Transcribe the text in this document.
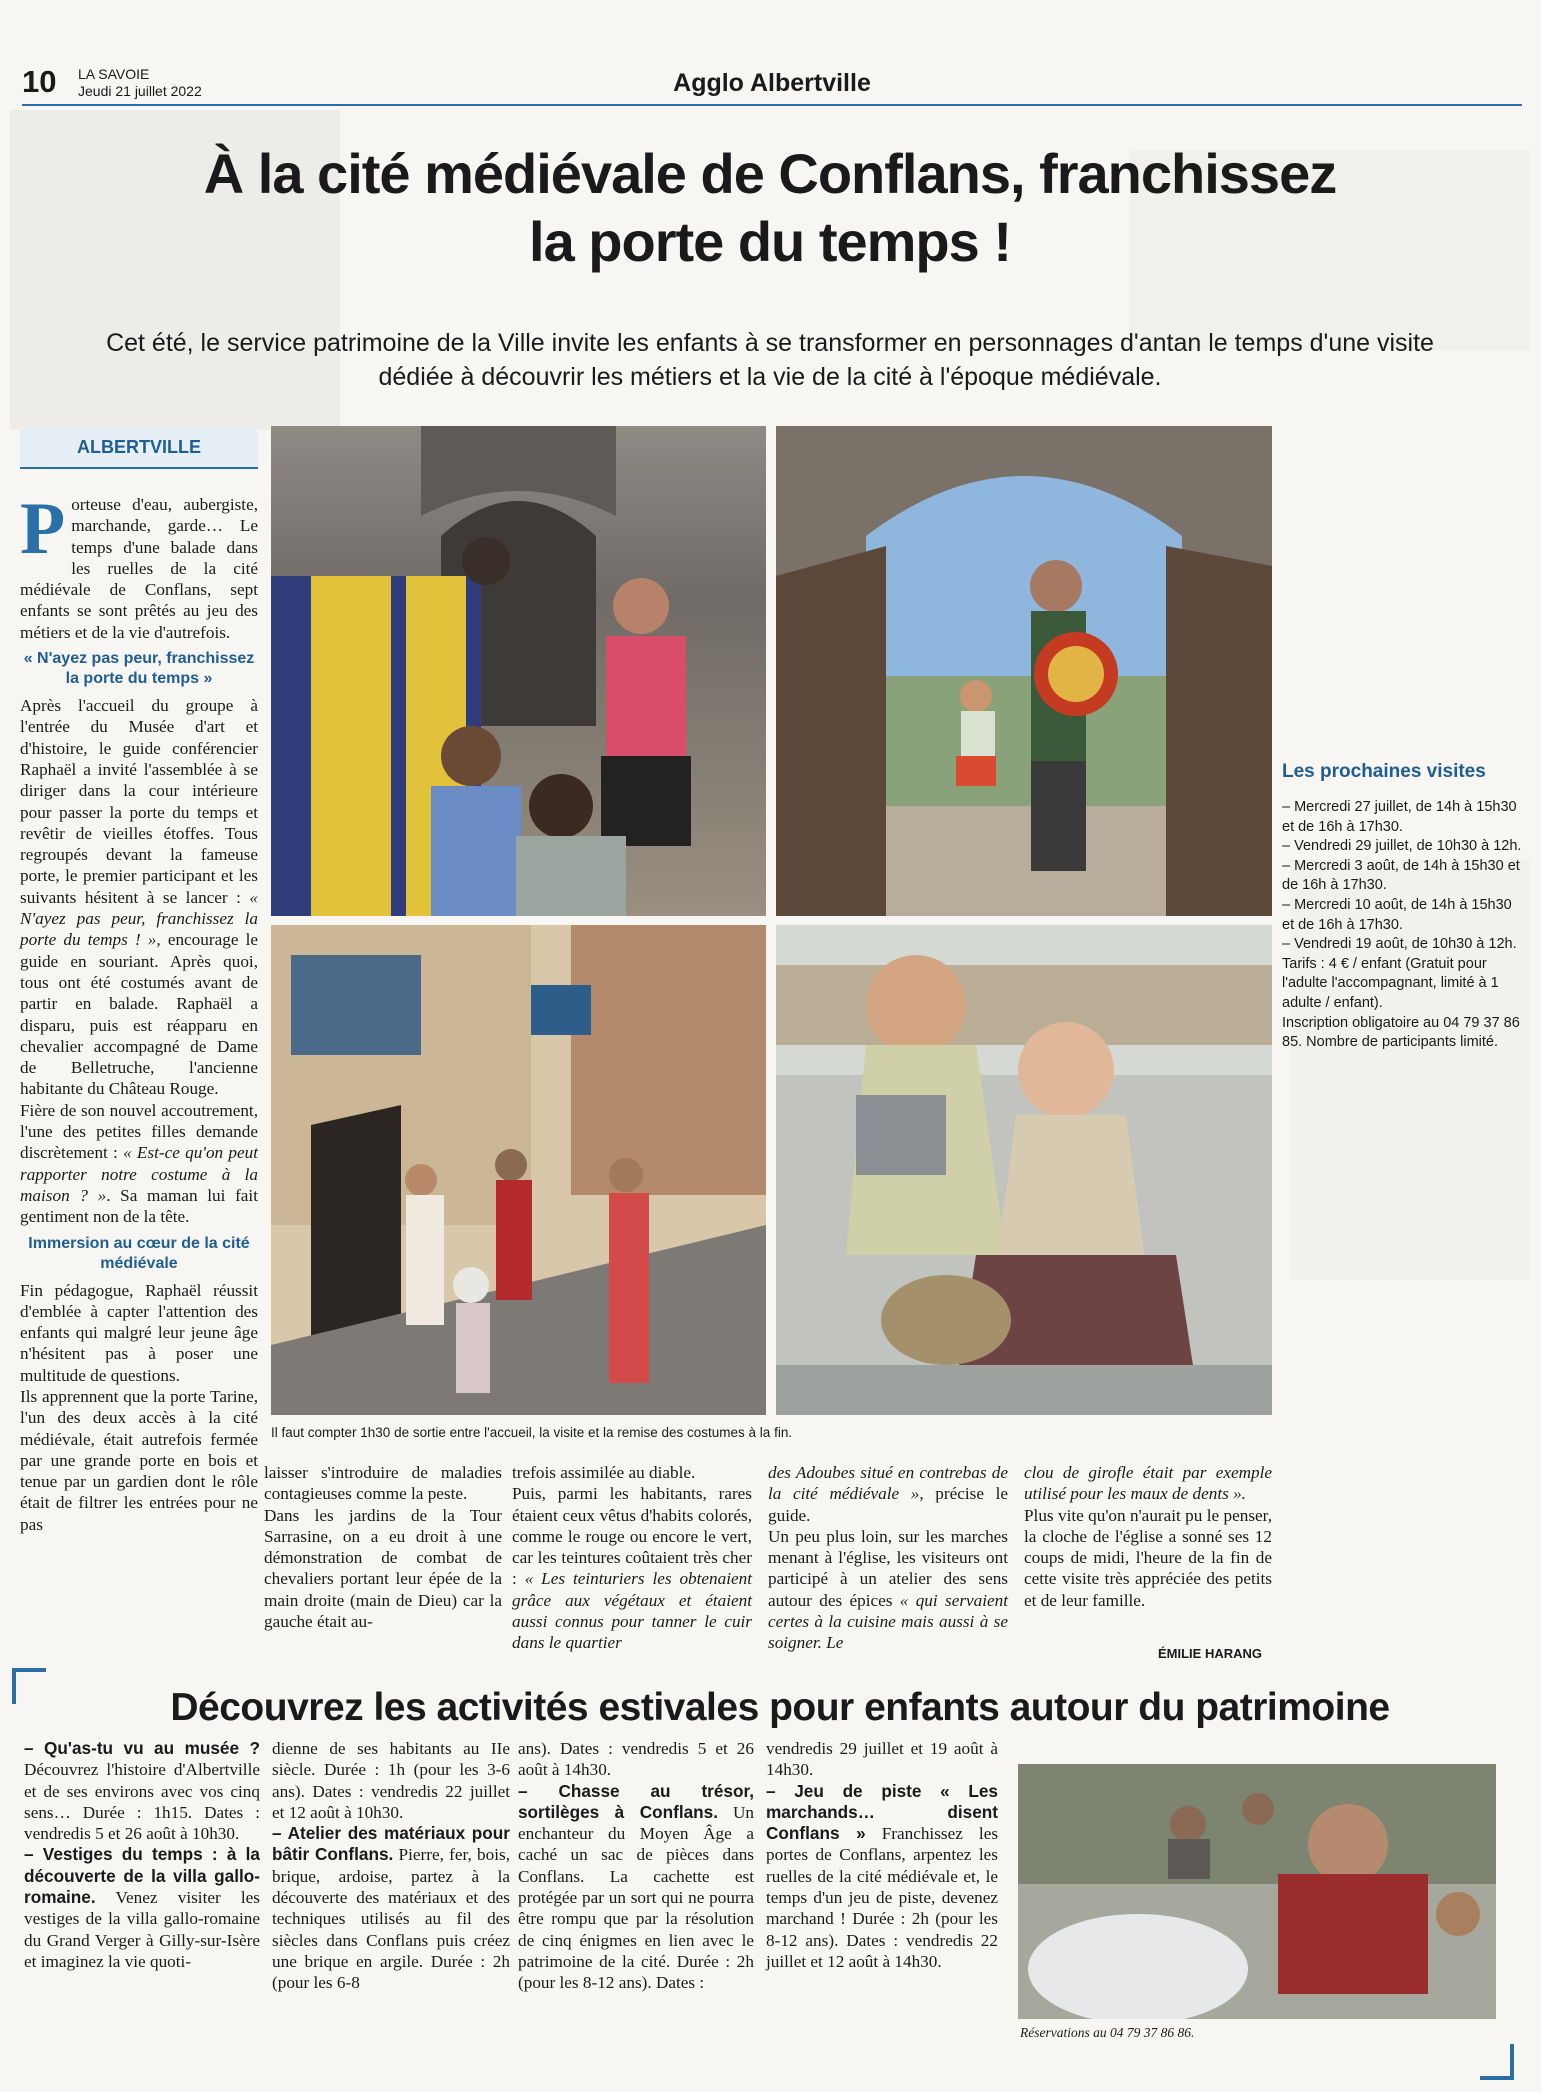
10 LA SAVOIE
Jeudi 21 juillet 2022	Agglo Albertville
À la cité médiévale de Conflans, franchissez
la porte du temps !
Cet été, le service patrimoine de la Ville invite les enfants à se transformer en personnages d'antan le temps d'une visite dédiée à découvrir les métiers et la vie de la cité à l'époque médiévale.
ALBERTVILLE

Porteuse d'eau, aubergiste, marchande, garde… Le temps d'une balade dans les ruelles de la cité médiévale de Conflans, sept enfants se sont prêtés au jeu des métiers et de la vie d'autrefois.

« N'ayez pas peur, franchissez la porte du temps »

Après l'accueil du groupe à l'entrée du Musée d'art et d'histoire, le guide conférencier Raphaël a invité l'assemblée à se diriger dans la cour intérieure pour passer la porte du temps et revêtir de vieilles étoffes. Tous regroupés devant la fameuse porte, le premier participant et les suivants hésitent à se lancer : « N'ayez pas peur, franchissez la porte du temps ! », encourage le guide en souriant. Après quoi, tous ont été costumés avant de partir en balade. Raphaël a disparu, puis est réapparu en chevalier accompagné de Dame de Belletruche, l'ancienne habitante du Château Rouge.

Fière de son nouvel accoutrement, l'une des petites filles demande discrètement : « Est-ce qu'on peut rapporter notre costume à la maison ? ». Sa maman lui fait gentiment non de la tête.

Immersion au cœur de la cité médiévale

Fin pédagogue, Raphaël réussit d'emblée à capter l'attention des enfants qui malgré leur jeune âge n'hésitent pas à poser une multitude de questions.

Ils apprennent que la porte Tarine, l'un des deux accès à la cité médiévale, était autrefois fermée par une grande porte en bois et tenue par un gardien dont le rôle était de filtrer les entrées pour ne pas

Il faut compter 1h30 de sortie entre l'accueil, la visite et la remise des costumes à la fin.
Les prochaines visites
– Mercredi 27 juillet, de 14h à 15h30 et de 16h à 17h30.
– Vendredi 29 juillet, de 10h30 à 12h.
– Mercredi 3 août, de 14h à 15h30 et de 16h à 17h30.
– Mercredi 10 août, de 14h à 15h30 et de 16h à 17h30.
– Vendredi 19 août, de 10h30 à 12h.
Tarifs : 4 € / enfant (Gratuit pour l'adulte l'accompagnant, limité à 1 adulte / enfant).
Inscription obligatoire au 04 79 37 86 85. Nombre de participants limité.

laisser s'introduire de maladies contagieuses comme la peste.

Dans les jardins de la Tour Sarrasine, on a eu droit à une démonstration de combat de chevaliers portant leur épée de la main droite (main de Dieu) car la gauche était au-

trefois assimilée au diable.

Puis, parmi les habitants, rares étaient ceux vêtus d'habits colorés, comme le rouge ou encore le vert, car les teintures coûtaient très cher : « Les teinturiers les obtenaient grâce aux végétaux et étaient aussi connus pour tanner le cuir dans le quartier

des Adoubes situé en contrebas de la cité médiévale », précise le guide.

Un peu plus loin, sur les marches menant à l'église, les visiteurs ont participé à un atelier des sens autour des épices « qui servaient certes à la cuisine mais aussi à se soigner. Le

clou de girofle était par exemple utilisé pour les maux de dents ».

Plus vite qu'on n'aurait pu le penser, la cloche de l'église a sonné ses 12 coups de midi, l'heure de la fin de cette visite très appréciée des petits et de leur famille.

ÉMILIE HARANG
Découvrez les activités estivales pour enfants autour du patrimoine

– Qu'as-tu vu au musée ? Découvrez l'histoire d'Albertville et de ses environs avec vos cinq sens… Durée : 1h15. Dates : vendredis 5 et 26 août à 10h30.

– Vestiges du temps : à la découverte de la villa gallo-romaine. Venez visiter les vestiges de la villa gallo-romaine du Grand Verger à Gilly-sur-Isère et imaginez la vie quoti-

dienne de ses habitants au IIe siècle. Durée : 1h (pour les 3-6 ans). Dates : vendredis 22 juillet et 12 août à 10h30.

– Atelier des matériaux pour bâtir Conflans. Pierre, fer, bois, brique, ardoise, partez à la découverte des matériaux et des techniques utilisés au fil des siècles dans Conflans puis créez une brique en argile. Durée : 2h (pour les 6-8

ans). Dates : vendredis 5 et 26 août à 14h30.

– Chasse au trésor, sortilèges à Conflans. Un enchanteur du Moyen Âge a caché un sac de pièces dans Conflans. La cachette est protégée par un sort qui ne pourra être rompu que par la résolution de cinq énigmes en lien avec le patrimoine de la cité. Durée : 2h (pour les 8-12 ans). Dates :

vendredis 29 juillet et 19 août à 14h30.

– Jeu de piste « Les marchands… disent Conflans » Franchissez les portes de Conflans, arpentez les ruelles de la cité médiévale et, le temps d'un jeu de piste, devenez marchand ! Durée : 2h (pour les 8-12 ans). Dates : vendredis 22 juillet et 12 août à 14h30.

Réservations au 04 79 37 86 86.
